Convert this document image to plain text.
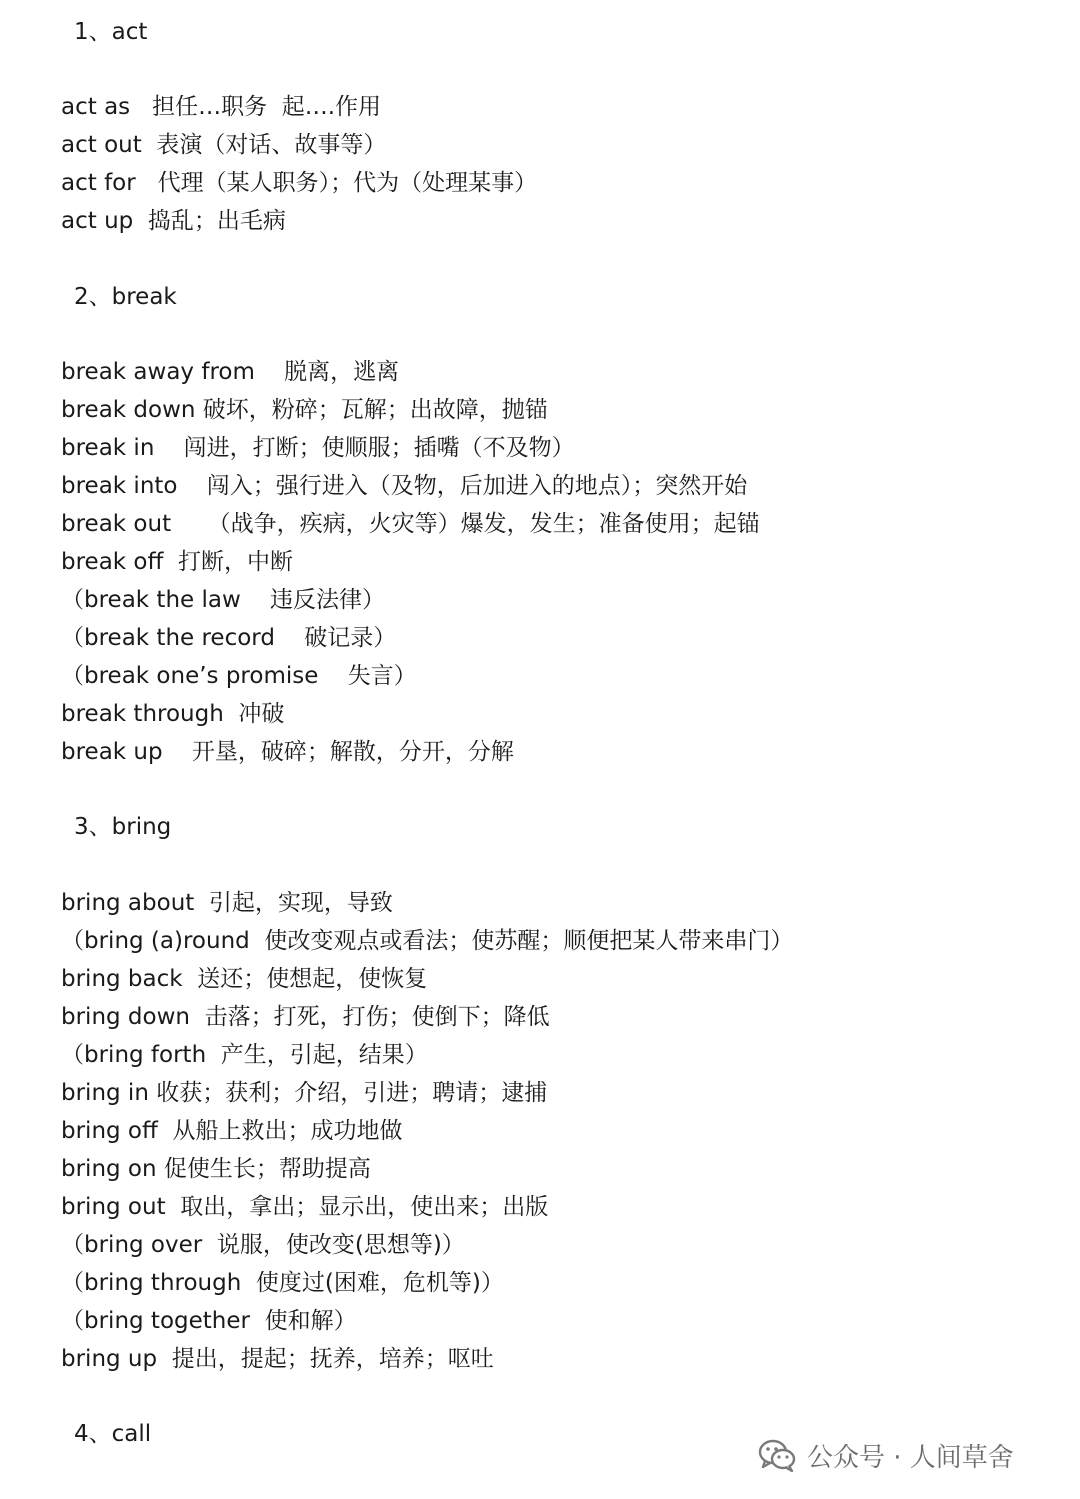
1、act
act as   担任…职务  起….作用
act out  表演（对话、故事等）
act for   代理（某人职务）；代为（处理某事）
act up  捣乱；出毛病
2、break
break away from    脱离，逃离
break down 破坏，粉碎；瓦解；出故障，抛锚
break in    闯进，打断；使顺服；插嘴（不及物）
break into    闯入；强行进入（及物，后加进入的地点）；突然开始
break out     （战争，疾病，火灾等）爆发，发生；准备使用；起锚
break off  打断，中断
（break the law    违反法律）
（break the record    破记录）
（break one’s promise    失言）
break through  冲破
break up    开垦，破碎；解散，分开，分解
3、bring
bring about  引起，实现，导致
（bring (a)round  使改变观点或看法；使苏醒；顺便把某人带来串门）
bring back  送还；使想起，使恢复
bring down  击落；打死，打伤；使倒下；降低
（bring forth  产生，引起，结果）
bring in 收获；获利；介绍，引进；聘请；逮捕
bring off  从船上救出；成功地做
bring on 促使生长；帮助提高
bring out  取出，拿出；显示出，使出来；出版
（bring over  说服，使改变(思想等)）
（bring through  使度过(困难，危机等)）
（bring together  使和解）
bring up  提出，提起；抚养，培养；呕吐
4、call
公众号 · 人间草舍
